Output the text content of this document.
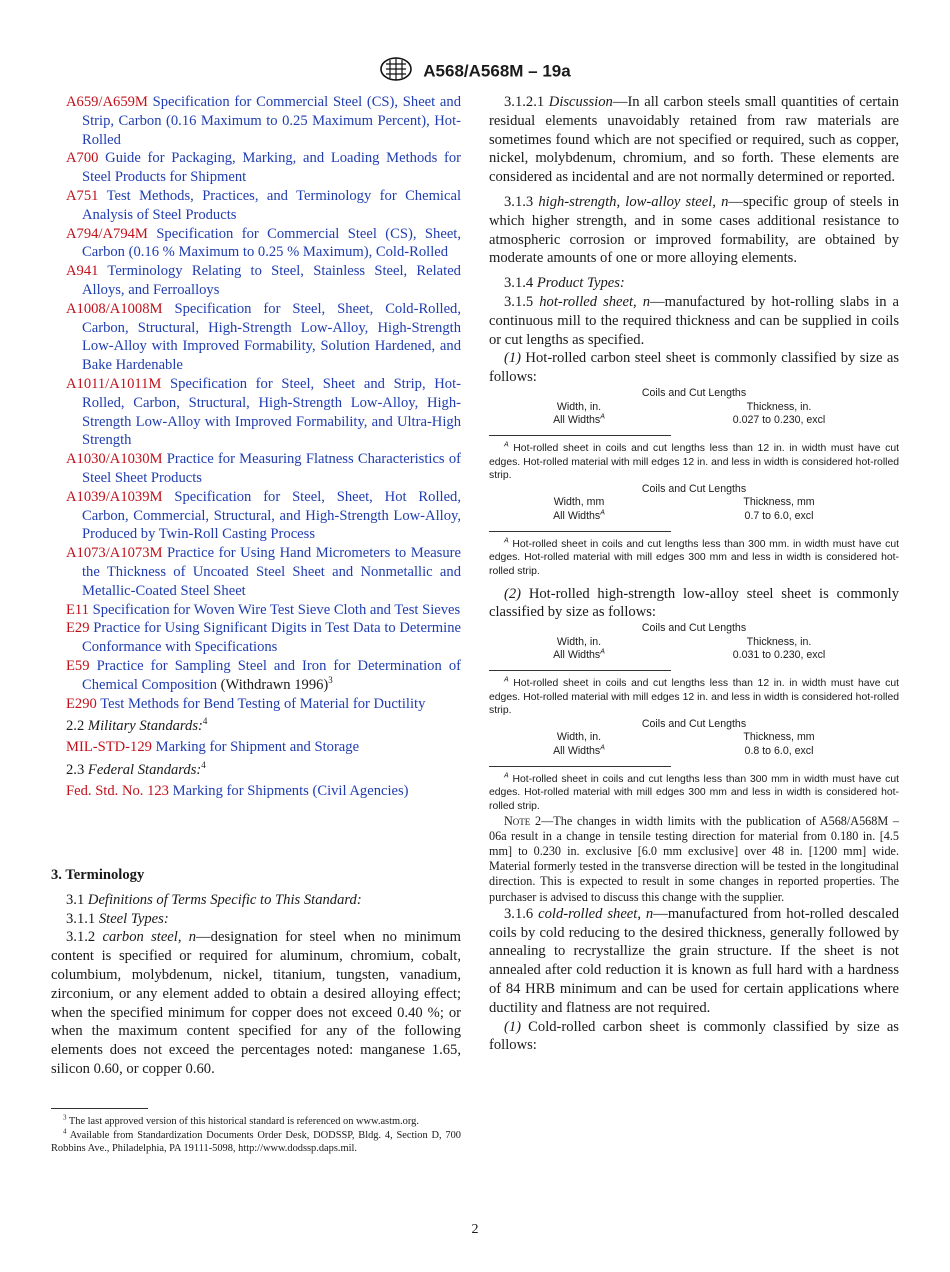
A568/A568M – 19a

A659/A659M Specification for Commercial Steel (CS), Sheet and Strip, Carbon (0.16 Maximum to 0.25 Maximum Percent), Hot-Rolled

A700 Guide for Packaging, Marking, and Loading Methods for Steel Products for Shipment

A751 Test Methods, Practices, and Terminology for Chemical Analysis of Steel Products

A794/A794M Specification for Commercial Steel (CS), Sheet, Carbon (0.16 % Maximum to 0.25 % Maximum), Cold-Rolled

A941 Terminology Relating to Steel, Stainless Steel, Related Alloys, and Ferroalloys

A1008/A1008M Specification for Steel, Sheet, Cold-Rolled, Carbon, Structural, High-Strength Low-Alloy, High-Strength Low-Alloy with Improved Formability, Solution Hardened, and Bake Hardenable

A1011/A1011M Specification for Steel, Sheet and Strip, Hot-Rolled, Carbon, Structural, High-Strength Low-Alloy, High-Strength Low-Alloy with Improved Formability, and Ultra-High Strength

A1030/A1030M Practice for Measuring Flatness Characteristics of Steel Sheet Products

A1039/A1039M Specification for Steel, Sheet, Hot Rolled, Carbon, Commercial, Structural, and High-Strength Low-Alloy, Produced by Twin-Roll Casting Process

A1073/A1073M Practice for Using Hand Micrometers to Measure the Thickness of Uncoated Steel Sheet and Nonmetallic and Metallic-Coated Steel Sheet

E11 Specification for Woven Wire Test Sieve Cloth and Test Sieves

E29 Practice for Using Significant Digits in Test Data to Determine Conformance with Specifications

E59 Practice for Sampling Steel and Iron for Determination of Chemical Composition (Withdrawn 1996)$^3$

E290 Test Methods for Bend Testing of Material for Ductility

2.2 Military Standards:$^4$

MIL-STD-129 Marking for Shipment and Storage

2.3 Federal Standards:$^4$

Fed. Std. No. 123 Marking for Shipments (Civil Agencies)

3. Terminology

3.1 Definitions of Terms Specific to This Standard:

3.1.1 Steel Types:

3.1.2 carbon steel, n—designation for steel when no minimum content is specified or required for aluminum, chromium, cobalt, columbium, molybdenum, nickel, titanium, tungsten, vanadium, zirconium, or any element added to obtain a desired alloying effect; when the specified minimum for copper does not exceed 0.40 %; or when the maximum content specified for any of the following elements does not exceed the percentages noted: manganese 1.65, silicon 0.60, or copper 0.60.

$^3$ The last approved version of this historical standard is referenced on www.astm.org.

$^4$ Available from Standardization Documents Order Desk, DODSSP, Bldg. 4, Section D, 700 Robbins Ave., Philadelphia, PA 19111-5098, http://www.dodssp.daps.mil.

3.1.2.1 Discussion—In all carbon steels small quantities of certain residual elements unavoidably retained from raw materials are sometimes found which are not specified or required, such as copper, nickel, molybdenum, chromium, and so forth. These elements are considered as incidental and are not normally determined or reported.

3.1.3 high-strength, low-alloy steel, n—specific group of steels in which higher strength, and in some cases additional resistance to atmospheric corrosion or improved formability, are obtained by moderate amounts of one or more alloying elements.

3.1.4 Product Types:

3.1.5 hot-rolled sheet, n—manufactured by hot-rolling slabs in a continuous mill to the required thickness and can be supplied in coils or cut lengths as specified.

(1) Hot-rolled carbon steel sheet is commonly classified by size as follows:

Coils and Cut Lengths
Width, in.	Thickness, in.
All Widths$^A$	0.027 to 0.230, excl

$^A$ Hot-rolled sheet in coils and cut lengths less than 12 in. in width must have cut edges. Hot-rolled material with mill edges 12 in. and less in width is considered hot-rolled strip.

Coils and Cut Lengths
Width, mm	Thickness, mm
All Widths$^A$	0.7 to 6.0, excl

$^A$ Hot-rolled sheet in coils and cut lengths less than 300 mm. in width must have cut edges. Hot-rolled material with mill edges 300 mm and less in width is considered hot-rolled strip.

(2) Hot-rolled high-strength low-alloy steel sheet is commonly classified by size as follows:

Coils and Cut Lengths
Width, in.	Thickness, in.
All Widths$^A$	0.031 to 0.230, excl

$^A$ Hot-rolled sheet in coils and cut lengths less than 12 in. in width must have cut edges. Hot-rolled material with mill edges 12 in. and less in width is considered hot-rolled strip.

Coils and Cut Lengths
Width, in.	Thickness, mm
All Widths$^A$	0.8 to 6.0, excl

$^A$ Hot-rolled sheet in coils and cut lengths less than 300 mm in width must have cut edges. Hot-rolled material with mill edges 300 mm and less in width is considered hot-rolled strip.

Note 2—The changes in width limits with the publication of A568/A568M – 06a result in a change in tensile testing direction for material from 0.180 in. [4.5 mm] to 0.230 in. exclusive [6.0 mm exclusive] over 48 in. [1200 mm] wide. Material formerly tested in the transverse direction will be tested in the longitudinal direction. This is expected to result in some changes in reported properties. The purchaser is advised to discuss this change with the supplier.

3.1.6 cold-rolled sheet, n—manufactured from hot-rolled descaled coils by cold reducing to the desired thickness, generally followed by annealing to recrystallize the grain structure. If the sheet is not annealed after cold reduction it is known as full hard with a hardness of 84 HRB minimum and can be used for certain applications where ductility and flatness are not required.

(1) Cold-rolled carbon sheet is commonly classified by size as follows:

2
